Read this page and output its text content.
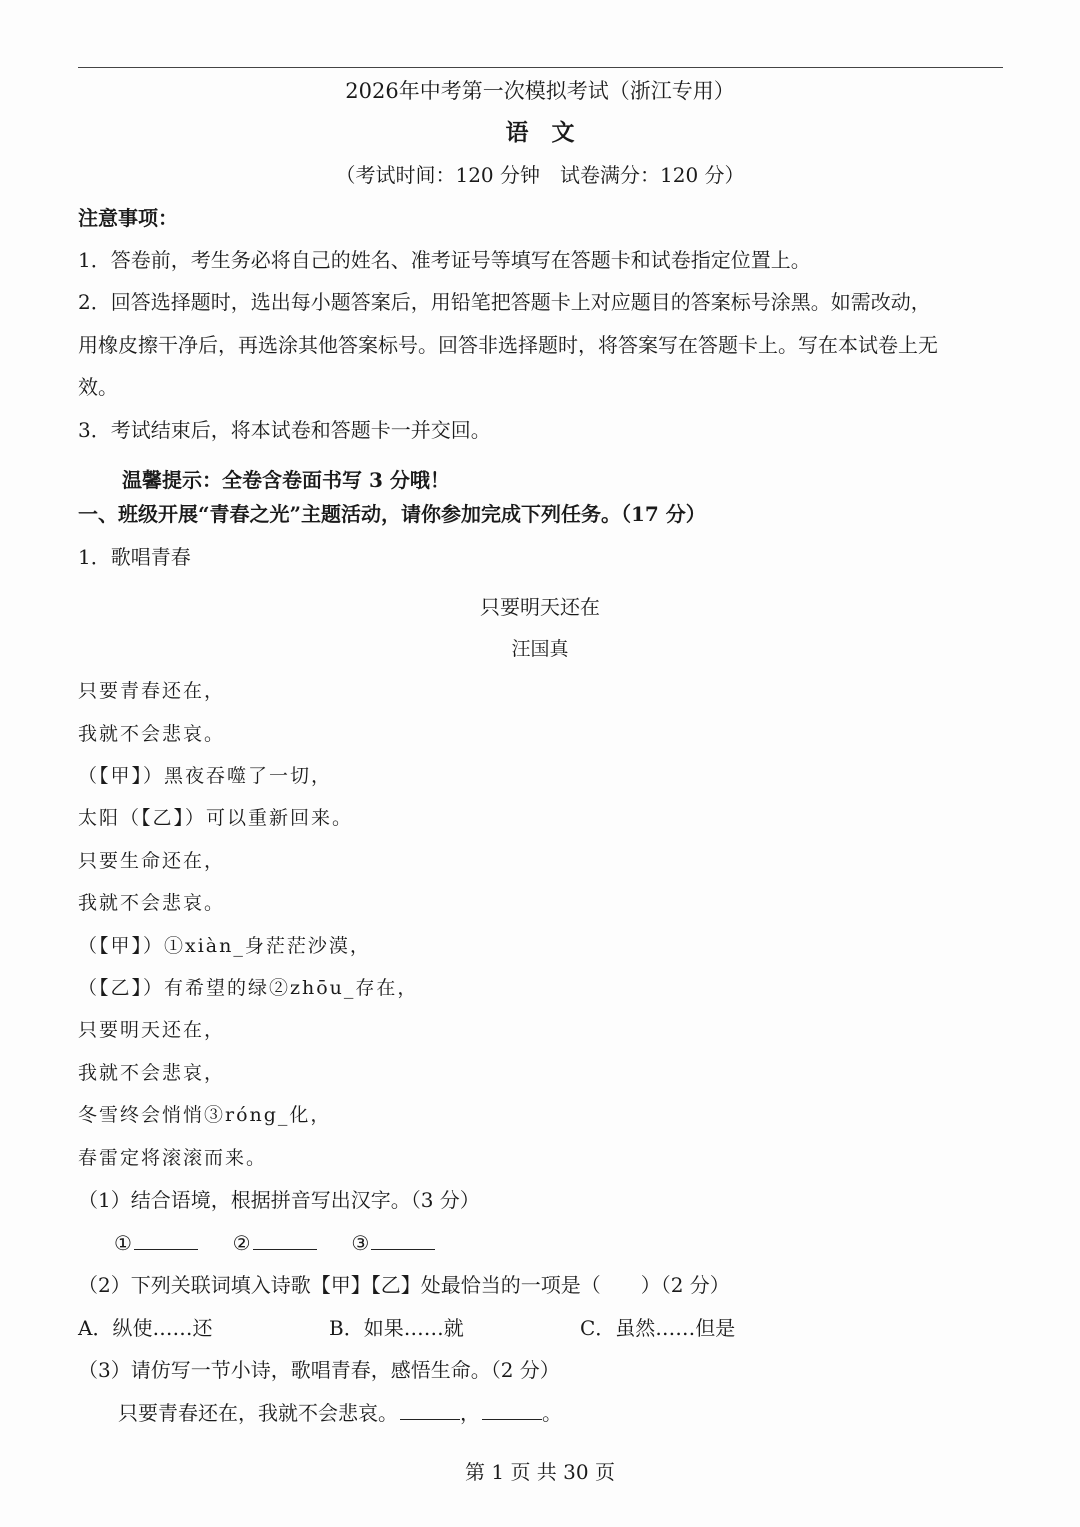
2026年中考第一次模拟考试（浙江专用）
语　文
（考试时间：120 分钟　试卷满分：120 分）
注意事项：
1．答卷前，考生务必将自己的姓名、准考证号等填写在答题卡和试卷指定位置上。
2．回答选择题时，选出每小题答案后，用铅笔把答题卡上对应题目的答案标号涂黑。如需改动，
用橡皮擦干净后，再选涂其他答案标号。回答非选择题时，将答案写在答题卡上。写在本试卷上无
效。
3．考试结束后，将本试卷和答题卡一并交回。
温馨提示：全卷含卷面书写 3 分哦！
一、班级开展“青春之光”主题活动，请你参加完成下列任务。（17 分）
1．歌唱青春
只要明天还在
汪国真
只要青春还在，
我就不会悲哀。
（【甲】）黑夜吞噬了一切，
太阳（【乙】）可以重新回来。
只要生命还在，
我就不会悲哀。
（【甲】）①xiàn_身茫茫沙漠，
（【乙】）有希望的绿②zhōu_存在，
只要明天还在，
我就不会悲哀，
冬雪终会悄悄③róng_化，
春雷定将滚滚而来。
（1）结合语境，根据拼音写出汉字。（3 分）
①	②	③
（2）下列关联词填入诗歌【甲】【乙】处最恰当的一项是（　　）（2 分）
A．纵使……还	B．如果……就	C．虽然……但是
（3）请仿写一节小诗，歌唱青春，感悟生命。（2 分）
只要青春还在，我就不会悲哀。	，	。
第 1 页 共 30 页
